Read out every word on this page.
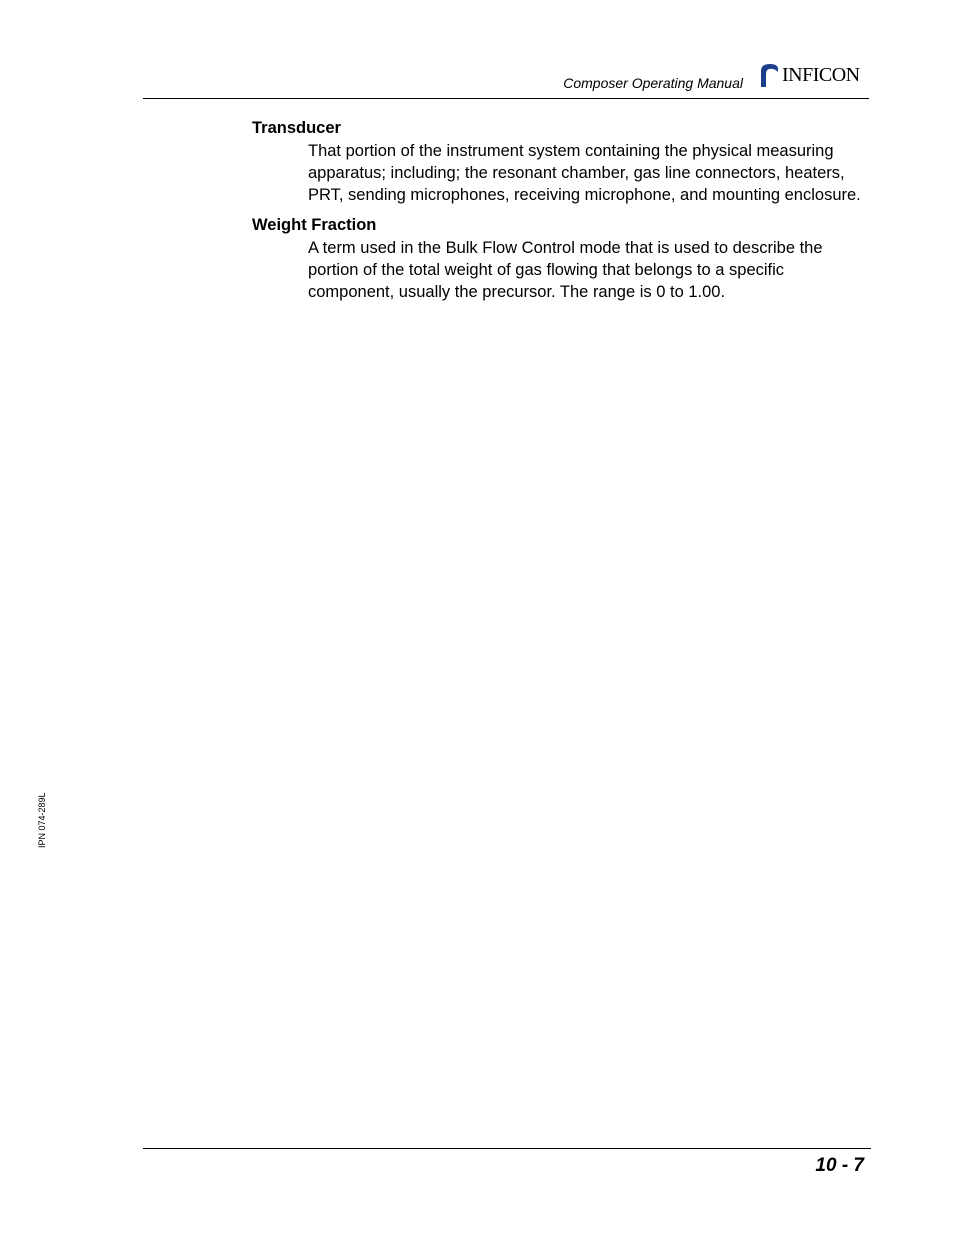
Composer Operating Manual INFICON

Transducer

That portion of the instrument system containing the physical measuring apparatus; including; the resonant chamber, gas line connectors, heaters, PRT, sending microphones, receiving microphone, and mounting enclosure.

Weight Fraction

A term used in the Bulk Flow Control mode that is used to describe the portion of the total weight of gas flowing that belongs to a specific component, usually the precursor. The range is 0 to 1.00.

IPN 074-289L
10 - 7
